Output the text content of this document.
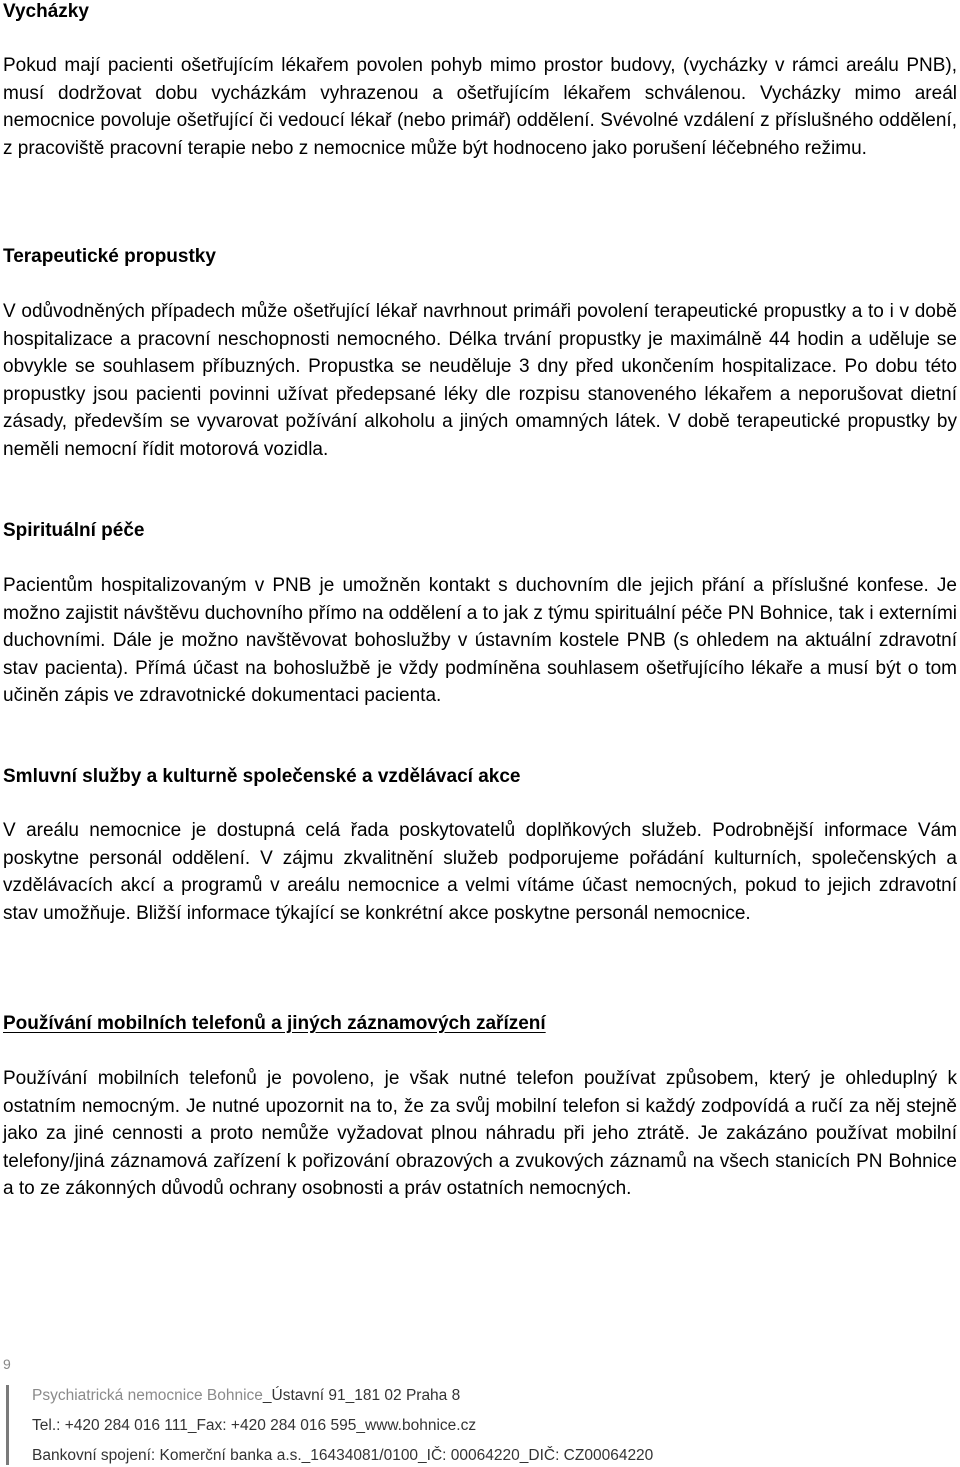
Vycházky

Pokud mají pacienti ošetřujícím lékařem povolen pohyb mimo prostor budovy, (vycházky v rámci areálu PNB), musí dodržovat dobu vycházkám vyhrazenou a ošetřujícím lékařem schválenou. Vycházky mimo areál nemocnice povoluje ošetřující či vedoucí lékař (nebo primář) oddělení. Svévolné vzdálení z příslušného oddělení, z pracoviště pracovní terapie nebo z nemocnice může být hodnoceno jako porušení léčebného režimu.

Terapeutické propustky

V odůvodněných případech může ošetřující lékař navrhnout primáři povolení terapeutické propustky a to i v době hospitalizace a pracovní neschopnosti nemocného. Délka trvání propustky je maximálně 44 hodin a uděluje se obvykle se souhlasem příbuzných. Propustka se neuděluje 3 dny před ukončením hospitalizace. Po dobu této propustky jsou pacienti povinni užívat předepsané léky dle rozpisu stanoveného lékařem a neporušovat dietní zásady, především se vyvarovat požívání alkoholu a jiných omamných látek. V době terapeutické propustky by neměli nemocní řídit motorová vozidla.

Spirituální péče

Pacientům hospitalizovaným v PNB je umožněn kontakt s duchovním dle jejich přání a příslušné konfese. Je možno zajistit návštěvu duchovního přímo na oddělení a to jak z týmu spirituální péče PN Bohnice, tak i externími duchovními. Dále je možno navštěvovat bohoslužby v ústavním kostele PNB (s ohledem na aktuální zdravotní stav pacienta). Přímá účast na bohoslužbě je vždy podmíněna souhlasem ošetřujícího lékaře a musí být o tom učiněn zápis ve zdravotnické dokumentaci pacienta.

Smluvní služby a kulturně společenské a vzdělávací akce

V areálu nemocnice je dostupná celá řada poskytovatelů doplňkových služeb. Podrobnější informace Vám poskytne personál oddělení. V zájmu zkvalitnění služeb podporujeme pořádání kulturních, společenských a vzdělávacích akcí a programů v areálu nemocnice a velmi vítáme účast nemocných, pokud to jejich zdravotní stav umožňuje. Bližší informace týkající se konkrétní akce poskytne personál nemocnice.

Používání mobilních telefonů a jiných záznamových zařízení

Používání mobilních telefonů je povoleno, je však nutné telefon používat způsobem, který je ohleduplný k ostatním nemocným. Je nutné upozornit na to, že za svůj mobilní telefon si každý zodpovídá a ručí za něj stejně jako za jiné cennosti a proto nemůže vyžadovat plnou náhradu při jeho ztrátě. Je zakázáno používat mobilní telefony/jiná záznamová zařízení k pořizování obrazových a zvukových záznamů na všech stanicích PN Bohnice a to ze zákonných důvodů ochrany osobnosti a práv ostatních nemocných.

9
Psychiatrická nemocnice Bohnice_Ústavní 91_181 02 Praha 8
Tel.: +420 284 016 111_Fax: +420 284 016 595_www.bohnice.cz
Bankovní spojení: Komerční banka a.s._16434081/0100_IČ: 00064220_DIČ: CZ00064220
